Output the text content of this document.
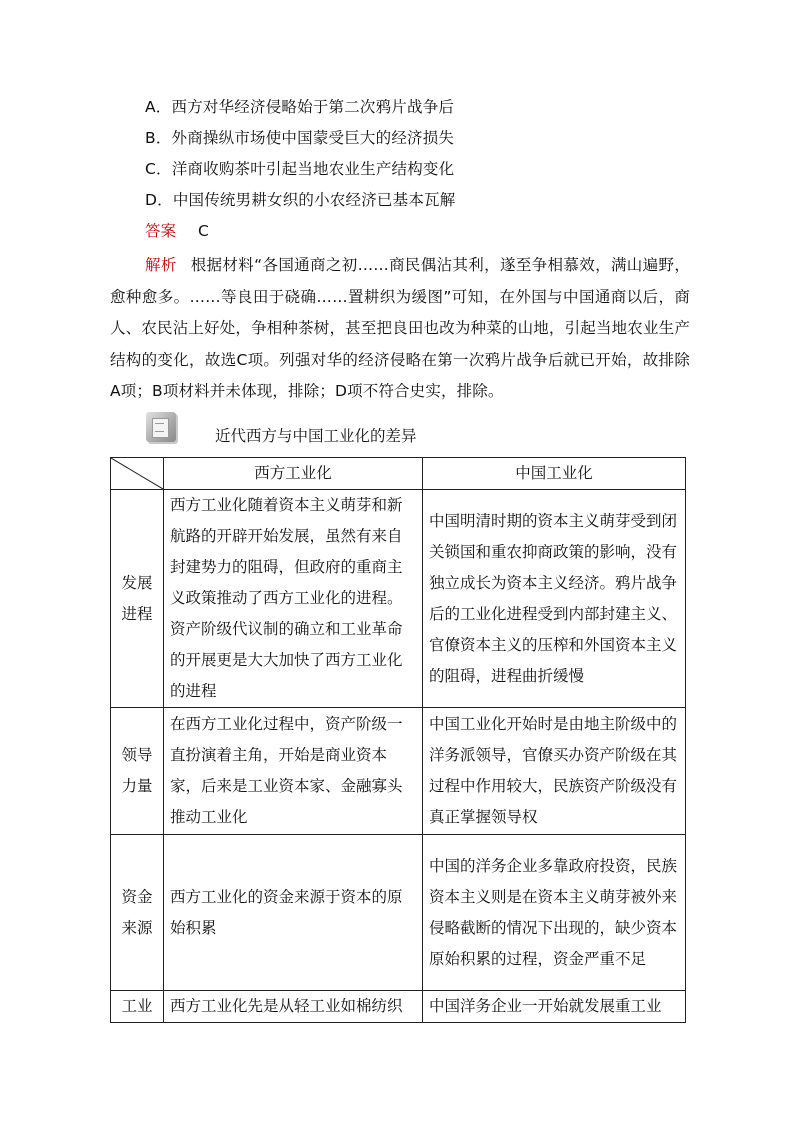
A．西方对华经济侵略始于第二次鸦片战争后
B．外商操纵市场使中国蒙受巨大的经济损失
C．洋商收购茶叶引起当地农业生产结构变化
D．中国传统男耕女织的小农经济已基本瓦解
答案 C
解析 根据材料“各国通商之初……商民偶沾其利，遂至争相慕效，满山遍野，愈种愈多。……等良田于硗确……置耕织为缓图”可知，在外国与中国通商以后，商人、农民沾上好处，争相种茶树，甚至把良田也改为种菜的山地，引起当地农业生产结构的变化，故选C项。列强对华的经济侵略在第一次鸦片战争后就已开始，故排除A项；B项材料并未体现，排除；D项不符合史实，排除。
近代西方与中国工业化的差异
	西方工业化	中国工业化

发展
进程	西方工业化随着资本主义萌芽和新航路的开辟开始发展，虽然有来自封建势力的阻碍，但政府的重商主义政策推动了西方工业化的进程。资产阶级代议制的确立和工业革命的开展更是大大加快了西方工业化的进程	中国明清时期的资本主义萌芽受到闭关锁国和重农抑商政策的影响，没有独立成长为资本主义经济。鸦片战争后的工业化进程受到内部封建主义、官僚资本主义的压榨和外国资本主义的阻碍，进程曲折缓慢

领导
力量	在西方工业化过程中，资产阶级一直扮演着主角，开始是商业资本家，后来是工业资本家、金融寡头推动工业化	中国工业化开始时是由地主阶级中的洋务派领导，官僚买办资产阶级在其过程中作用较大，民族资产阶级没有真正掌握领导权

资金
来源	西方工业化的资金来源于资本的原始积累	中国的洋务企业多靠政府投资，民族资本主义则是在资本主义萌芽被外来侵略截断的情况下出现的，缺少资本原始积累的过程，资金严重不足

工业	西方工业化先是从轻工业如棉纺织	中国洋务企业一开始就发展重工业
